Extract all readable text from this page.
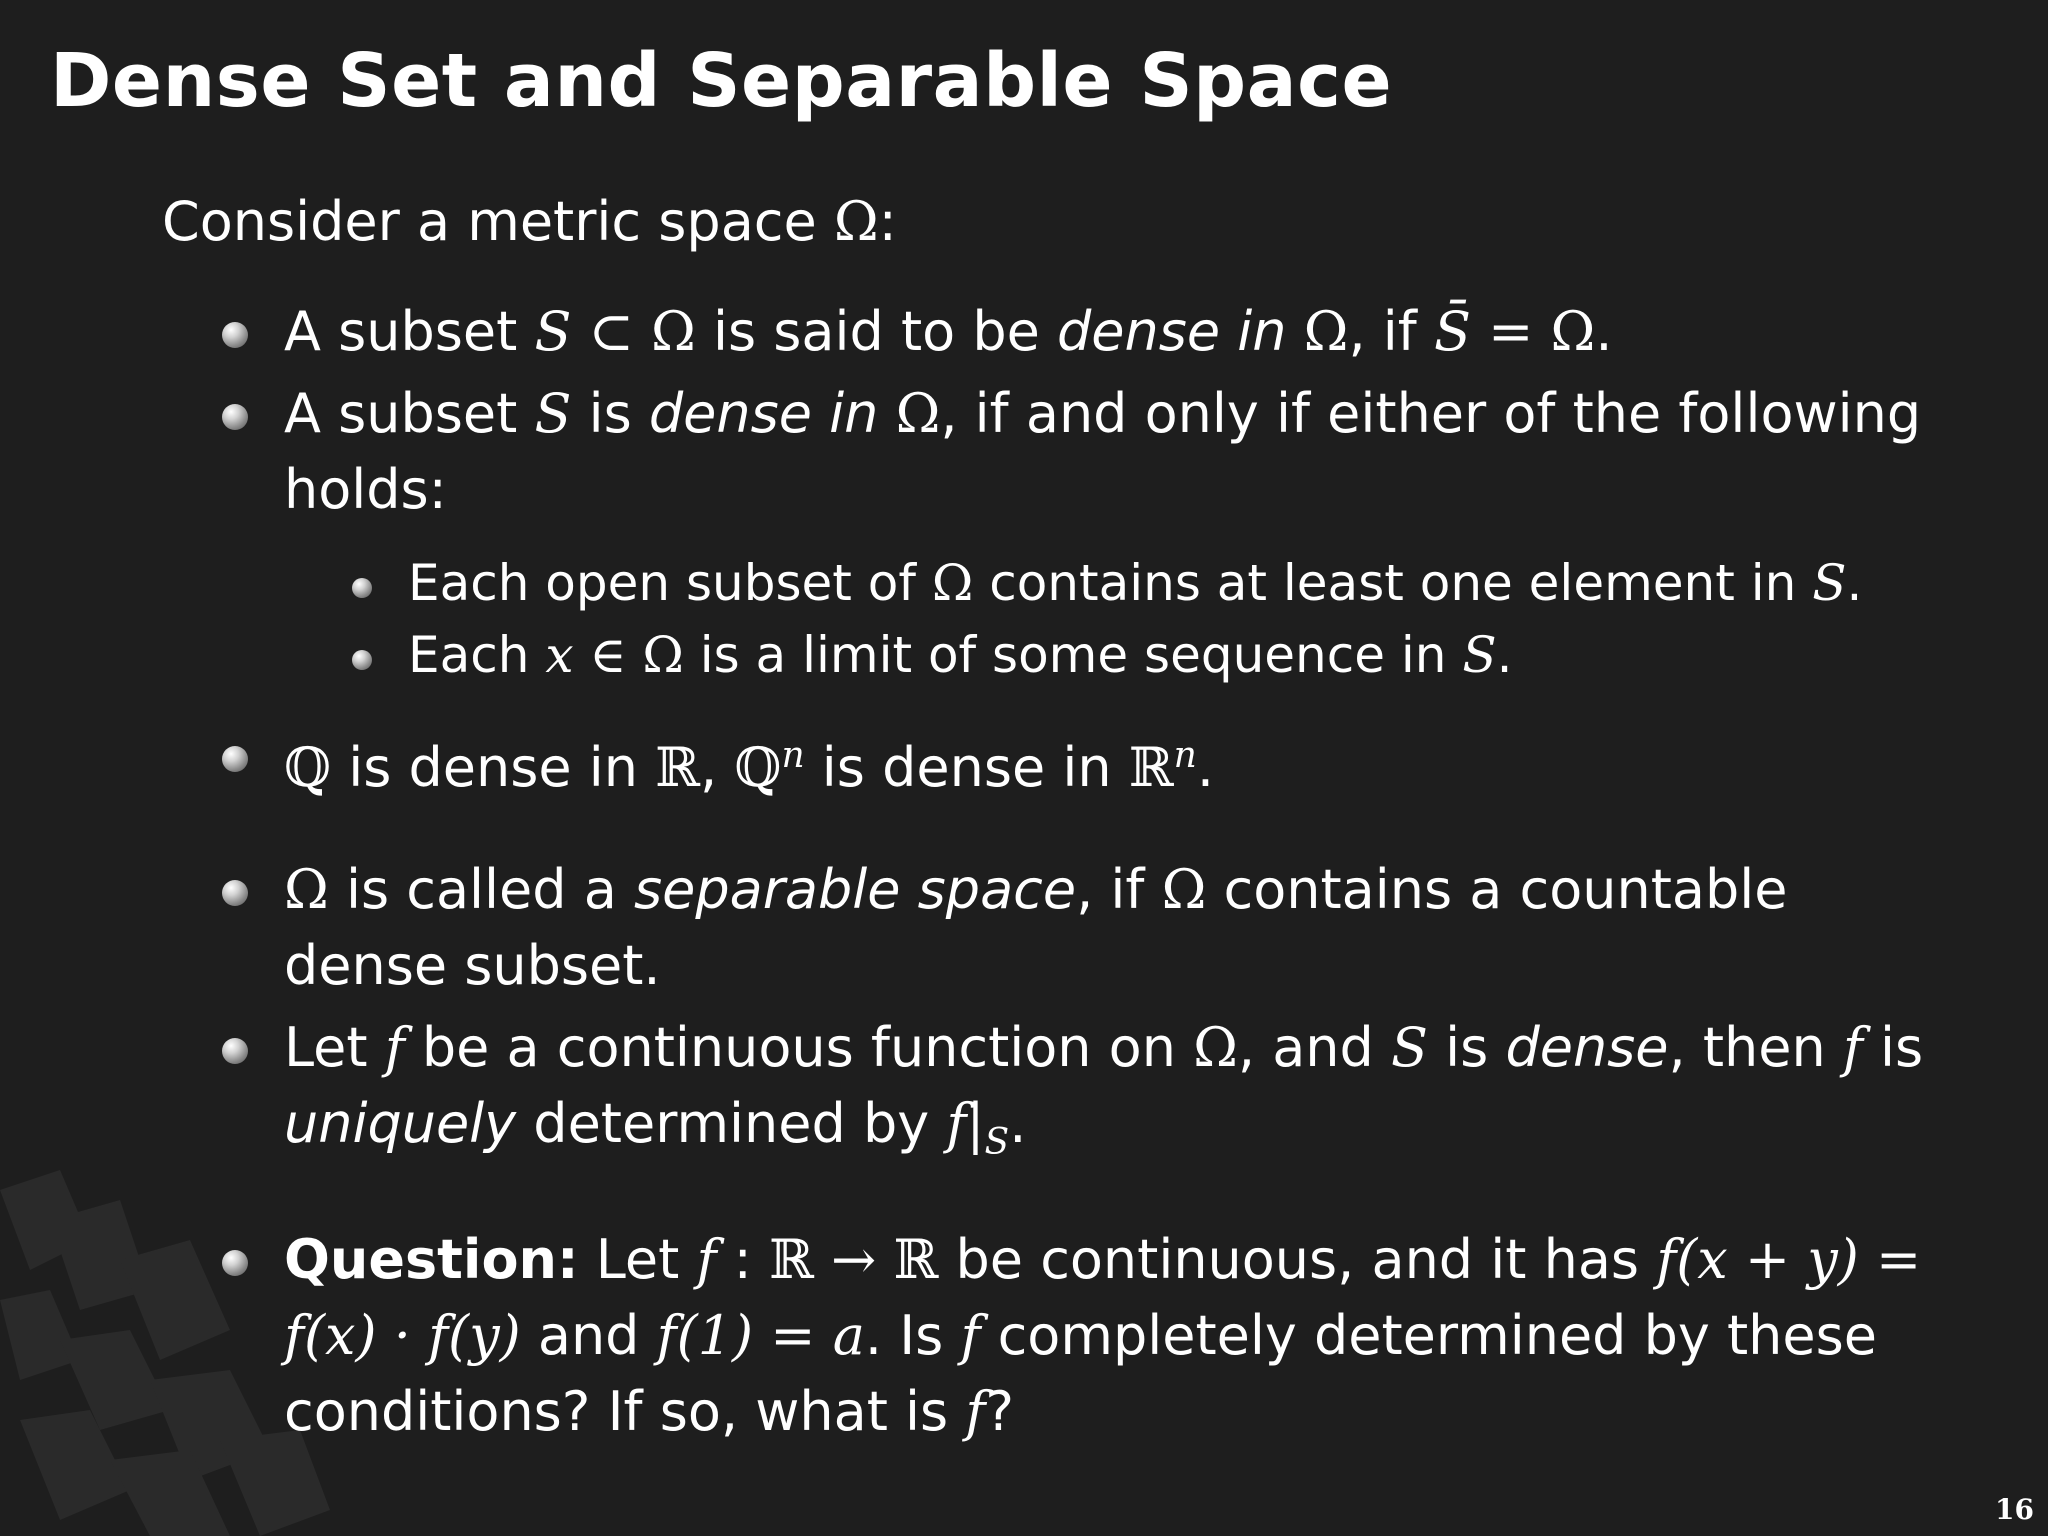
Dense Set and Separable Space
Consider a metric space Ω:
A subset S ⊂ Ω is said to be dense in Ω, if S̄ = Ω.
A subset S is dense in Ω, if and only if either of the following holds:
Each open subset of Ω contains at least one element in S.
Each x ∈ Ω is a limit of some sequence in S.
ℚ is dense in ℝ, ℚ$^n$ is dense in ℝ$^n$.
Ω is called a separable space, if Ω contains a countable dense subset.
Let f be a continuous function on Ω, and S is dense, then f is uniquely determined by $f|_S$.
Question: Let f : ℝ → ℝ be continuous, and it has f(x + y) = f(x) · f(y) and f(1) = a. Is f completely determined by these conditions? If so, what is f?
16
